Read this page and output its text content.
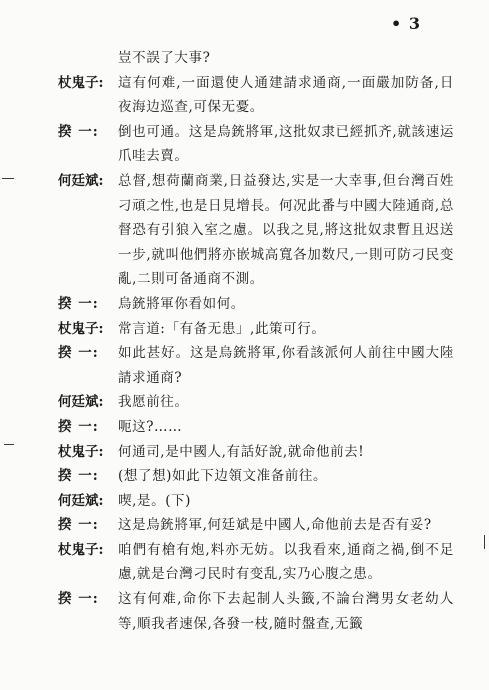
• 3
豈不誤了大事?
杖鬼子:	這有何难,一面還使人通建請求通商,一面嚴加防备,日夜海边巡查,可保无憂。
揆 一:	倒也可通。这是烏銃將軍,这批奴隶已經抓齐,就該速运爪哇去賣。
何廷斌:	总督,想荷蘭商業,日益發达,实是一大幸事,但台灣百姓刁頑之性,也是日見增長。何况此番与中國大陸通商,总督恐有引狼入室之慮。以我之見,將这批奴隶暫且迟送一步,就叫他們將亦嵌城高寬各加数尺,一則可防刁民变亂,二則可备通商不測。
揆 一:	烏銃將軍你看如何。
杖鬼子:	常言道:「有备无患」,此策可行。
揆 一:	如此甚好。这是烏銃將軍,你看該派何人前往中國大陸請求通商?
何廷斌:	我愿前往。
揆 一:	呃这?……
杖鬼子:	何通司,是中國人,有話好說,就命他前去!
揆 一:	(想了想)如此下边領文准备前往。
何廷斌:	喫,是。(下)
揆 一:	这是烏銃將軍,何廷斌是中國人,命他前去是否有妥?
杖鬼子:	咱們有槍有炮,料亦无妨。以我看來,通商之禍,倒不足慮,就是台灣刁民时有变乱,实乃心腹之患。
揆 一:	这有何难,命你下去起制人头籤,不論台灣男女老幼人等,順我者速保,各發一枝,隨时盤查,无籤
